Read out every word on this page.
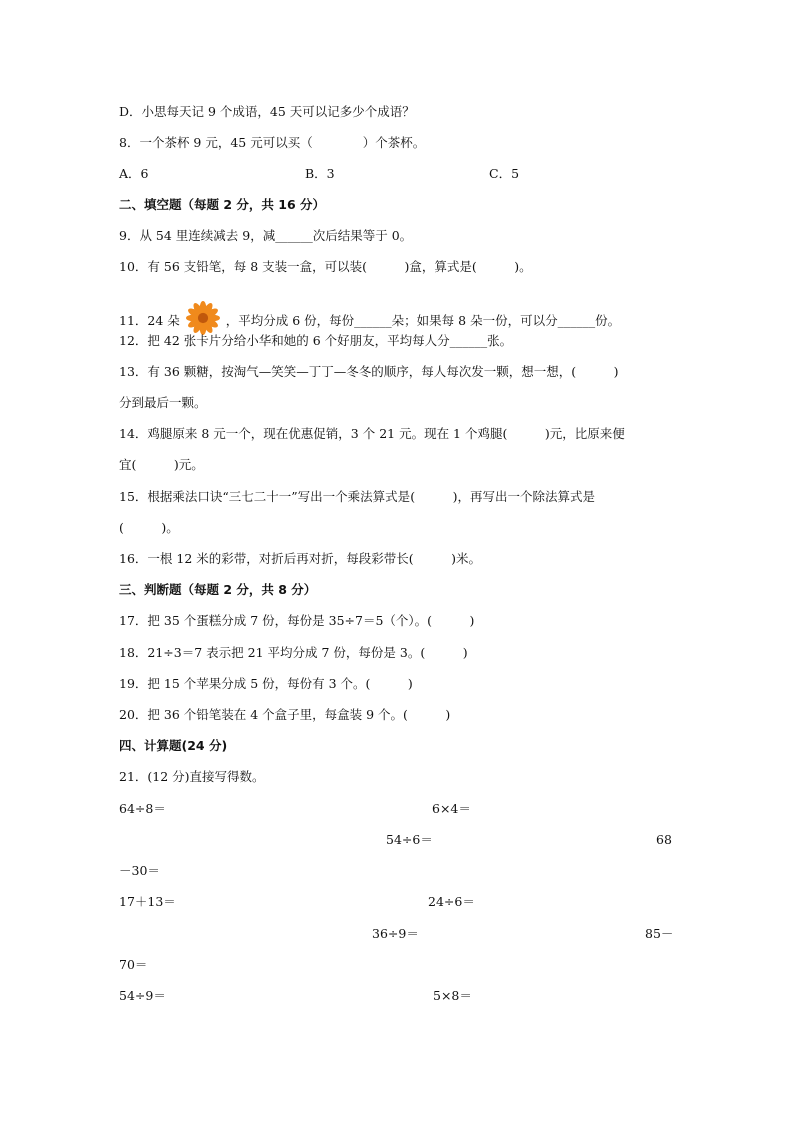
D．小思每天记 9 个成语，45 天可以记多少个成语？
8．一个茶杯 9 元，45 元可以买（　　　　）个茶杯。
A．6	B．3	C．5
二、填空题（每题 2 分，共 16 分）
9．从 54 里连续减去 9，减______次后结果等于 0。
10．有 56 支铅笔，每 8 支装一盒，可以装(　　　)盒，算式是(　　　)。
11．24 朵	，平均分成 6 份，每份______朵；如果每 8 朵一份，可以分______份。
12．把 42 张卡片分给小华和她的 6 个好朋友，平均每人分______张。
13．有 36 颗糖，按淘气—笑笑—丁丁—冬冬的顺序，每人每次发一颗，想一想，(　　　)
分到最后一颗。
14．鸡腿原来 8 元一个，现在优惠促销，3 个 21 元。现在 1 个鸡腿(　　　)元，比原来便
宜(　　　)元。
15．根据乘法口诀“三七二十一”写出一个乘法算式是(　　　)，再写出一个除法算式是
(　　　)。
16．一根 12 米的彩带，对折后再对折，每段彩带长(　　　)米。
三、判断题（每题 2 分，共 8 分）
17．把 35 个蛋糕分成 7 份，每份是 35÷7＝5（个）。(　　　)
18．21÷3＝7 表示把 21 平均分成 7 份，每份是 3。(　　　)
19．把 15 个苹果分成 5 份，每份有 3 个。(　　　)
20．把 36 个铅笔装在 4 个盒子里，每盒装 9 个。(　　　)
四、计算题(24 分)
21．(12 分)直接写得数。
64÷8＝	6×4＝
54÷6＝	68
－30＝
17＋13＝	24÷6＝
36÷9＝	85－
70＝
54÷9＝	5×8＝
